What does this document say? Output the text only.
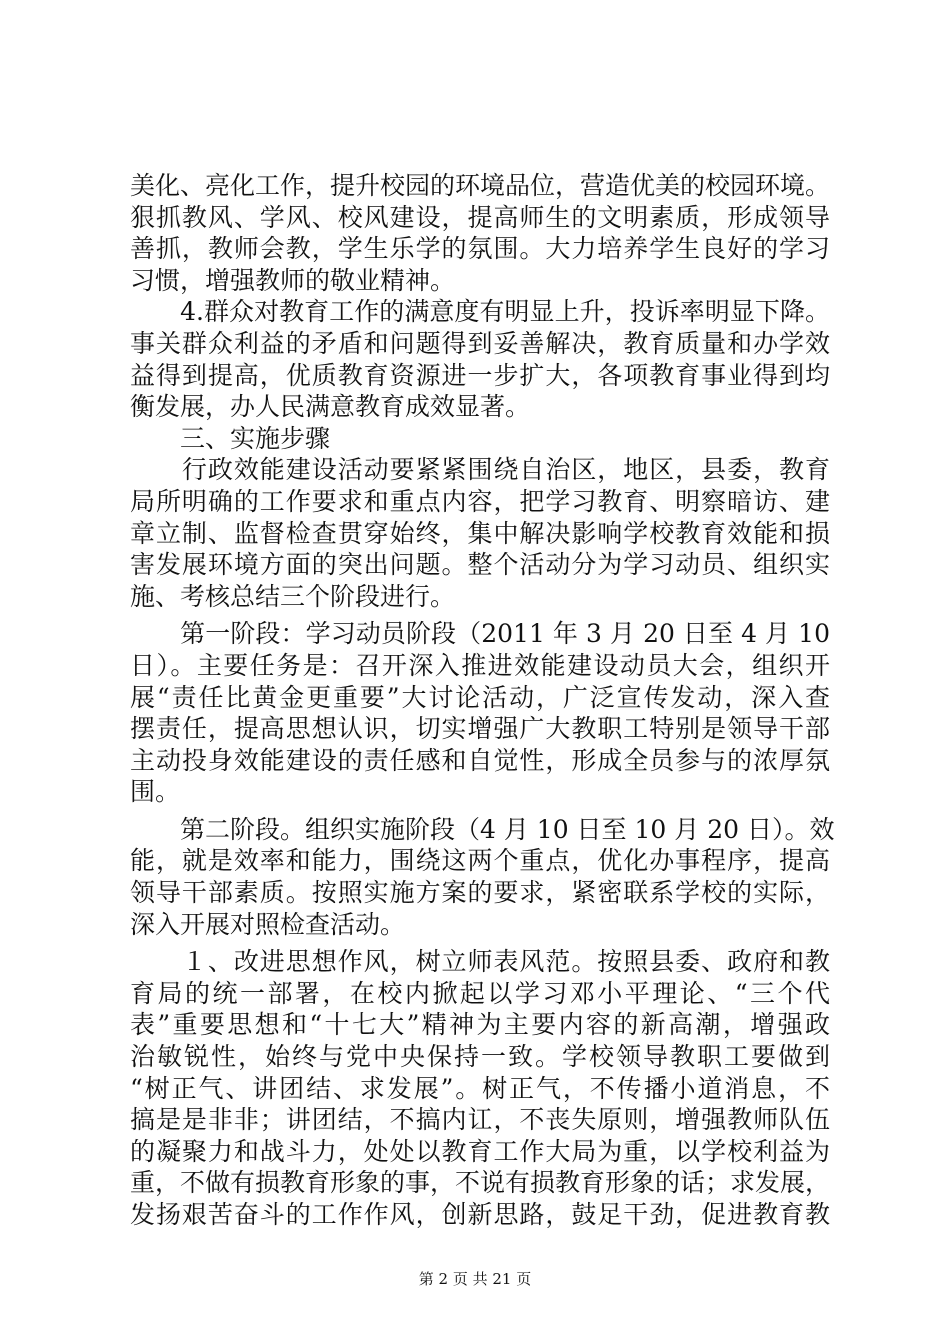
美化、亮化工作，提升校园的环境品位，营造优美的校园环境。
狠抓教风、学风、校风建设，提高师生的文明素质，形成领导
善抓，教师会教，学生乐学的氛围。大力培养学生良好的学习
习惯，增强教师的敬业精神。
　　4.群众对教育工作的满意度有明显上升，投诉率明显下降。
事关群众利益的矛盾和问题得到妥善解决，教育质量和办学效
益得到提高，优质教育资源进一步扩大，各项教育事业得到均
衡发展，办人民满意教育成效显著。
　　三、实施步骤
　　行政效能建设活动要紧紧围绕自治区，地区，县委，教育
局所明确的工作要求和重点内容，把学习教育、明察暗访、建
章立制、监督检查贯穿始终，集中解决影响学校教育效能和损
害发展环境方面的突出问题。整个活动分为学习动员、组织实
施、考核总结三个阶段进行。
　　第一阶段：学习动员阶段（2011 年 3 月 20 日至 4 月 10
日）。主要任务是：召开深入推进效能建设动员大会，组织开
展“责任比黄金更重要”大讨论活动，广泛宣传发动，深入查
摆责任，提高思想认识，切实增强广大教职工特别是领导干部
主动投身效能建设的责任感和自觉性，形成全员参与的浓厚氛
围。
　　第二阶段。组织实施阶段（4 月 10 日至 10 月 20 日）。效
能，就是效率和能力，围绕这两个重点，优化办事程序，提高
领导干部素质。按照实施方案的要求，紧密联系学校的实际，
深入开展对照检查活动。
　　１、改进思想作风，树立师表风范。按照县委、政府和教
育局的统一部署，在校内掀起以学习邓小平理论、“三个代
表”重要思想和“十七大”精神为主要内容的新高潮，增强政
治敏锐性，始终与党中央保持一致。学校领导教职工要做到
“树正气、讲团结、求发展”。树正气，不传播小道消息，不
搞是是非非；讲团结，不搞内讧，不丧失原则，增强教师队伍
的凝聚力和战斗力，处处以教育工作大局为重，以学校利益为
重，不做有损教育形象的事，不说有损教育形象的话；求发展，
发扬艰苦奋斗的工作作风，创新思路，鼓足干劲，促进教育教
第 2 页 共 21 页
